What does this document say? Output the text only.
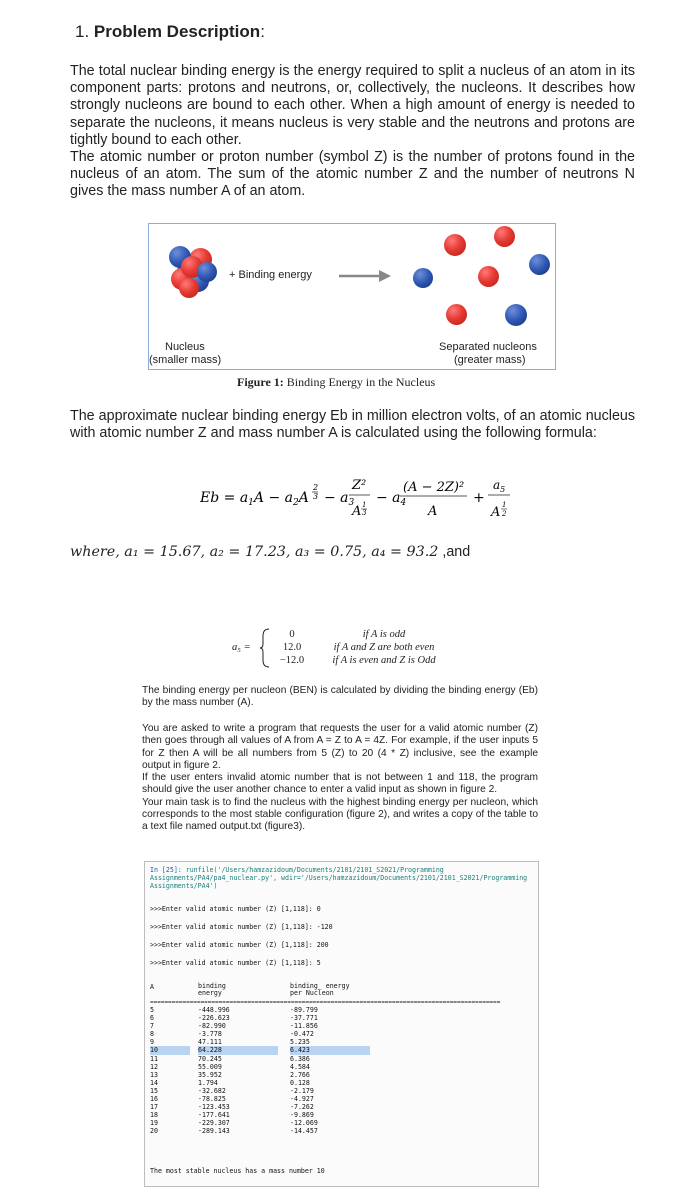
1. Problem Description:

The total nuclear binding energy is the energy required to split a nucleus of an atom in its component parts: protons and neutrons, or, collectively, the nucleons. It describes how strongly nucleons are bound to each other. When a high amount of energy is needed to separate the nucleons, it means nucleus is very stable and the neutrons and protons are tightly bound to each other.

The atomic number or proton number (symbol Z) is the number of protons found in the nucleus of an atom. The sum of the atomic number Z and the number of neutrons N gives the mass number A of an atom.

+ Binding energy
Nucleus
(smaller mass)
Separated nucleons
(greater mass)
Figure 1: Binding Energy in the Nucleus
The approximate nuclear binding energy Eb in million electron volts, of an atomic nucleus with atomic number Z and mass number A is calculated using the following formula:
$Eb = a_1A - a_2A$
2
$3 - a_3$
Z²
A 1
3
− $a_4$
(A − 2Z)²
A
+
$a_5$
A 1
2
where, a₁ = 15.67, a₂ = 17.23, a₃ = 0.75, a₄ = 93.2 ,and
a₅ =
0
12.0
−12.0
if A is odd
if A and Z are both even
if A is even and Z is Odd
The binding energy per nucleon (BEN) is calculated by dividing the binding energy (Eb) by the mass number (A).

You are asked to write a program that requests the user for a valid atomic number (Z) then goes through all values of A from A = Z to A = 4Z. For example, if the user inputs 5 for Z then A will be all numbers from 5 (Z) to 20 (4 * Z) inclusive, see the example output in figure 2.

If the user enters invalid atomic number that is not between 1 and 118, the program should give the user another chance to enter a valid input as shown in figure 2.

Your main task is to find the nucleus with the highest binding energy per nucleon, which corresponds to the most stable configuration (figure 2), and writes a copy of the table to a text file named output.txt (figure3).

In [25]: runfile('/Users/hamzazidoum/Documents/2101/2101_S2021/Programming Assignments/PA4/pa4_nuclear.py', wdir='/Users/hamzazidoum/Documents/2101/2101_S2021/Programming Assignments/PA4')
>>>Enter valid atomic number (Z) [1,118]: 0
>>>Enter valid atomic number (Z) [1,118]: -120
>>>Enter valid atomic number (Z) [1,118]: 200
>>>Enter valid atomic number (Z) [1,118]: 5
A	binding
energy
binding_ energy
per Nucleon
=================================================================================================
5
6
7
8
9
10
11
12
13
14
15
16
17
18
19
20
-448.996
-226.623
-82.990
-3.778
47.111
64.228
70.245
55.009
35.952
1.794
-32.682
-78.825
-123.453
-177.641
-229.307
-289.143
-89.799
-37.771
-11.856
-0.472
5.235
6.423
6.386
4.584
2.766
0.128
-2.179
-4.927
-7.262
-9.869
-12.069
-14.457
The most stable nucleus has a mass number 10
